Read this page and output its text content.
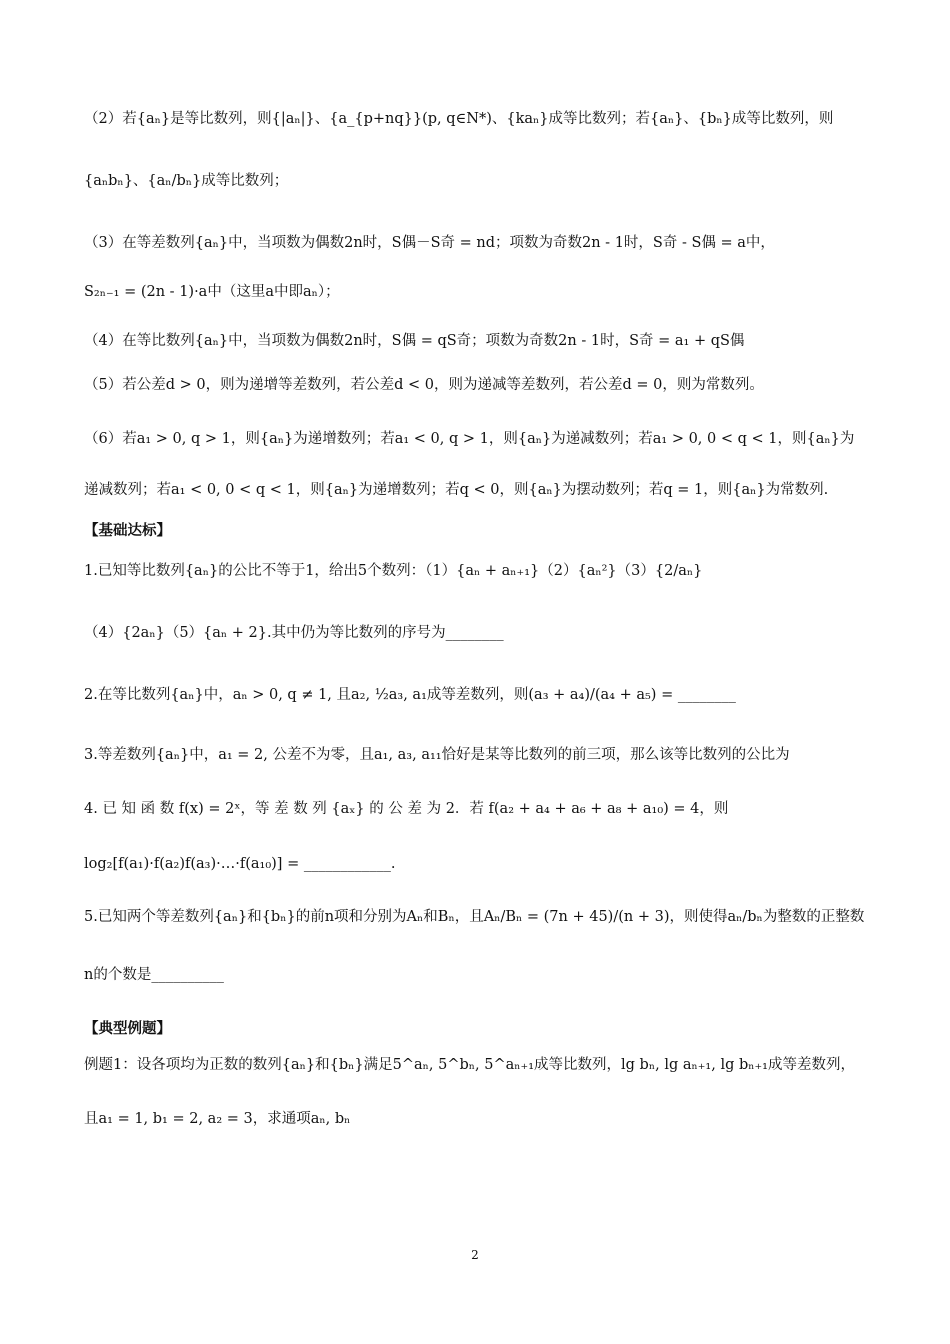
（2）若{aₙ}是等比数列，则{|aₙ|}、{a_{p+nq}}(p, q∈N*)、{kaₙ}成等比数列；若{aₙ}、{bₙ}成等比数列，则
{aₙbₙ}、{aₙ/bₙ}成等比数列；
（3）在等差数列{aₙ}中，当项数为偶数2n时，S偶－S奇 = nd；项数为奇数2n - 1时，S奇 - S偶 = a中，
S₂ₙ₋₁ = (2n - 1)·a中（这里a中即aₙ）；
（4）在等比数列{aₙ}中，当项数为偶数2n时，S偶 = qS奇；项数为奇数2n - 1时，S奇 = a₁ + qS偶
（5）若公差d > 0，则为递增等差数列，若公差d < 0，则为递减等差数列，若公差d = 0，则为常数列。
（6）若a₁ > 0, q > 1，则{aₙ}为递增数列；若a₁ < 0, q > 1，则{aₙ}为递减数列；若a₁ > 0, 0 < q < 1，则{aₙ}为
递减数列；若a₁ < 0, 0 < q < 1，则{aₙ}为递增数列；若q < 0，则{aₙ}为摆动数列；若q = 1，则{aₙ}为常数列.
【基础达标】
1.已知等比数列{aₙ}的公比不等于1，给出5个数列：（1）{aₙ + aₙ₊₁}（2）{aₙ²}（3）{2/aₙ}
（4）{2aₙ}（5）{aₙ + 2}.其中仍为等比数列的序号为________
2.在等比数列{aₙ}中，aₙ > 0, q ≠ 1, 且a₂, ½a₃, a₁成等差数列，则(a₃ + a₄)/(a₄ + a₅) = ________
3.等差数列{aₙ}中，a₁ = 2, 公差不为零，且a₁, a₃, a₁₁恰好是某等比数列的前三项，那么该等比数列的公比为
4. 已 知 函 数 f(x) = 2ˣ，等 差 数 列 {aₓ} 的 公 差 为 2．若 f(a₂ + a₄ + a₆ + a₈ + a₁₀) = 4，则
log₂[f(a₁)·f(a₂)f(a₃)·…·f(a₁₀)] = ____________.
5.已知两个等差数列{aₙ}和{bₙ}的前n项和分别为Aₙ和Bₙ，且Aₙ/Bₙ = (7n + 45)/(n + 3)，则使得aₙ/bₙ为整数的正整数
n的个数是__________
【典型例题】
例题1：设各项均为正数的数列{aₙ}和{bₙ}满足5^aₙ, 5^bₙ, 5^aₙ₊₁成等比数列，lg bₙ, lg aₙ₊₁, lg bₙ₊₁成等差数列，
且a₁ = 1, b₁ = 2, a₂ = 3，求通项aₙ, bₙ
2
